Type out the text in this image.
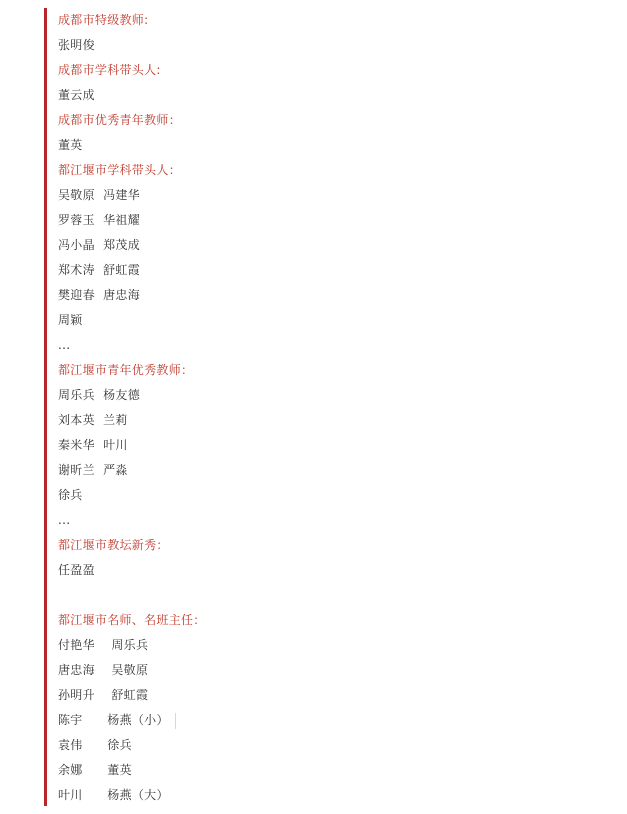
成都市特级教师:
张明俊
成都市学科带头人:
董云成
成都市优秀青年教师：
董英
都江堰市学科带头人：
吴敬原  冯建华
罗蓉玉  华祖耀
冯小晶  郑茂成
郑术涛  舒虹霞
樊迎春  唐忠海
周颖
...
都江堰市青年优秀教师：
周乐兵  杨友德
刘本英  兰莉
秦米华  叶川
谢昕兰  严淼
徐兵
...
都江堰市教坛新秀：
任盈盈
都江堰市名师、名班主任：
付艳华    周乐兵
唐忠海    吴敬原
孙明升    舒虹霞
陈宇      杨燕（小）
袁伟      徐兵
余娜      董英
叶川      杨燕（大）
